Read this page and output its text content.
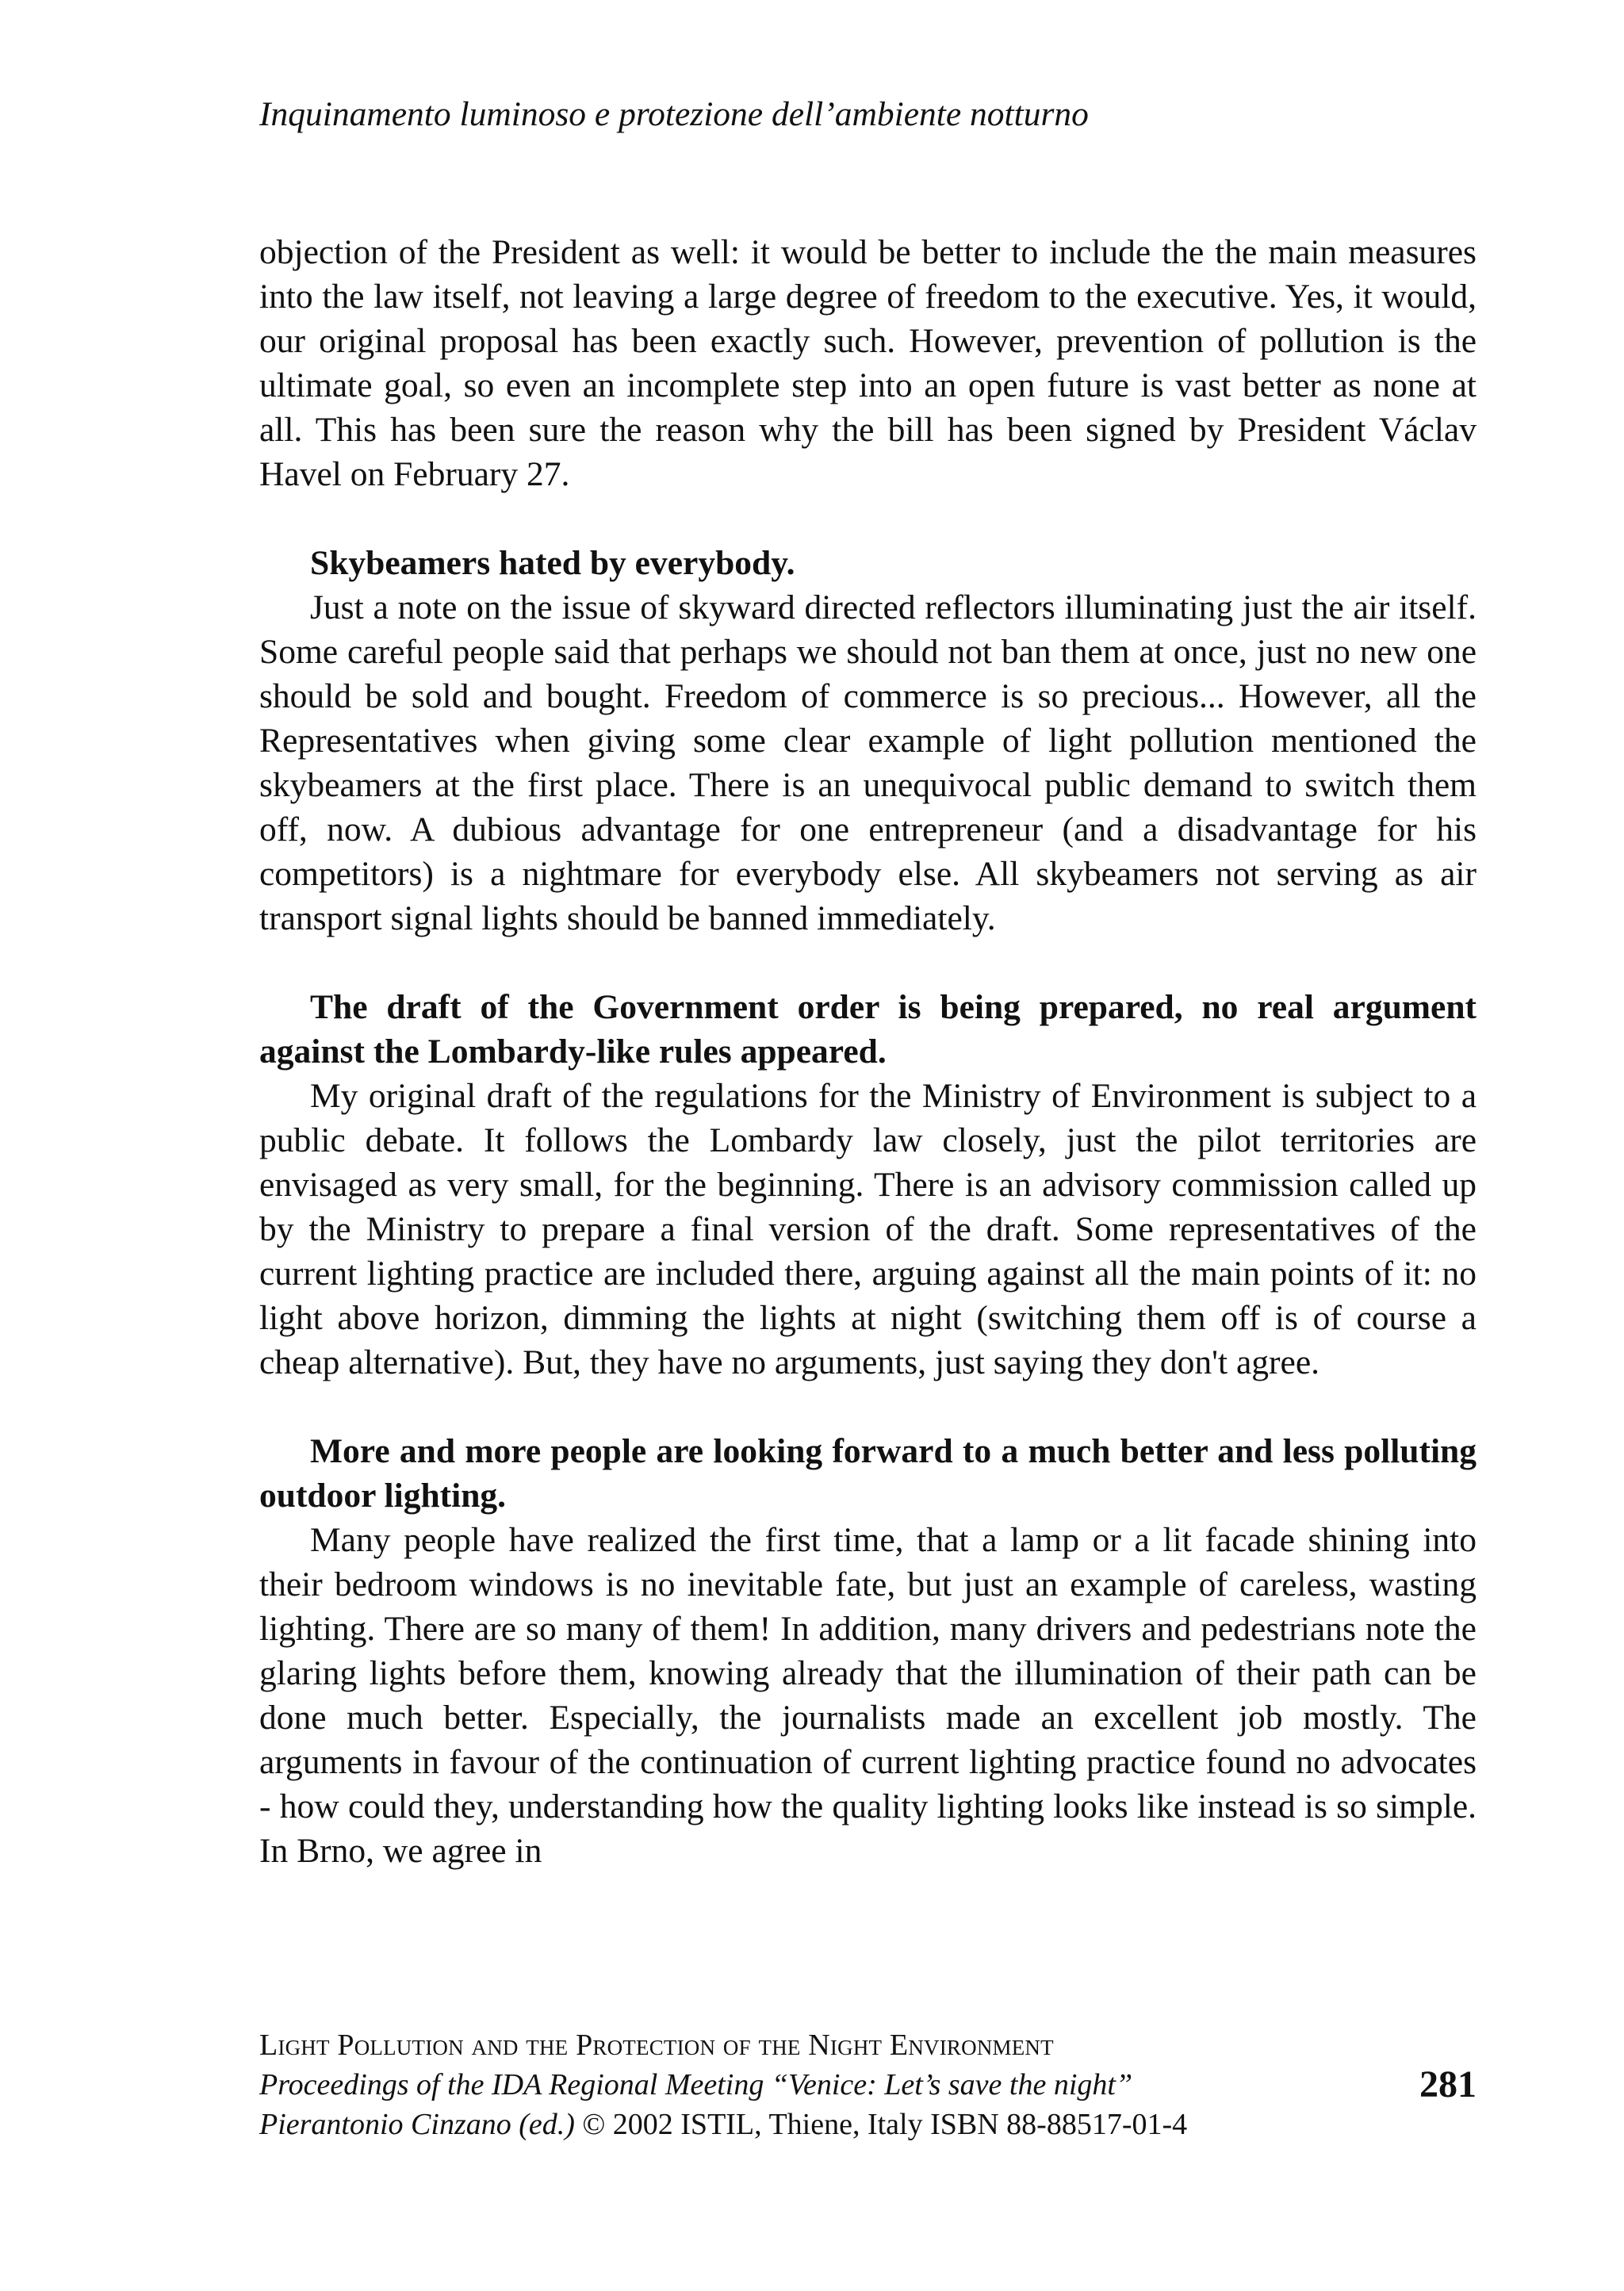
Inquinamento luminoso e protezione dell’ambiente notturno

objection of the President as well: it would be better to include the the main measures into the law itself, not leaving a large degree of freedom to the executive. Yes, it would, our original proposal has been exactly such. However, prevention of pollution is the ultimate goal, so even an incomplete step into an open future is vast better as none at all. This has been sure the reason why the bill has been signed by President Václav Havel on February 27.

Skybeamers hated by everybody.

Just a note on the issue of skyward directed reflectors illuminating just the air itself. Some careful people said that perhaps we should not ban them at once, just no new one should be sold and bought. Freedom of commerce is so precious... However, all the Representatives when giving some clear example of light pollution mentioned the skybeamers at the first place. There is an unequivocal public demand to switch them off, now. A dubious advantage for one entrepreneur (and a disadvantage for his competitors) is a nightmare for everybody else. All skybeamers not serving as air transport signal lights should be banned immediately.

The draft of the Government order is being prepared, no real argument against the Lombardy-like rules appeared.

My original draft of the regulations for the Ministry of Environment is subject to a public debate. It follows the Lombardy law closely, just the pilot territories are envisaged as very small, for the beginning. There is an advisory commission called up by the Ministry to prepare a final version of the draft. Some representatives of the current lighting practice are included there, arguing against all the main points of it: no light above horizon, dimming the lights at night (switching them off is of course a cheap alternative). But, they have no arguments, just saying they don't agree.

More and more people are looking forward to a much better and less polluting outdoor lighting.

Many people have realized the first time, that a lamp or a lit facade shining into their bedroom windows is no inevitable fate, but just an example of careless, wasting lighting. There are so many of them! In addition, many drivers and pedestrians note the glaring lights before them, knowing already that the illumination of their path can be done much better. Especially, the journalists made an excellent job mostly. The arguments in favour of the continuation of current lighting practice found no advocates - how could they, understanding how the quality lighting looks like instead is so simple. In Brno, we agree in

Light Pollution and the Protection of the Night Environment
Proceedings of the IDA Regional Meeting “Venice: Let’s save the night”
Pierantonio Cinzano (ed.) © 2002 ISTIL, Thiene, Italy ISBN 88-88517-01-4
281
